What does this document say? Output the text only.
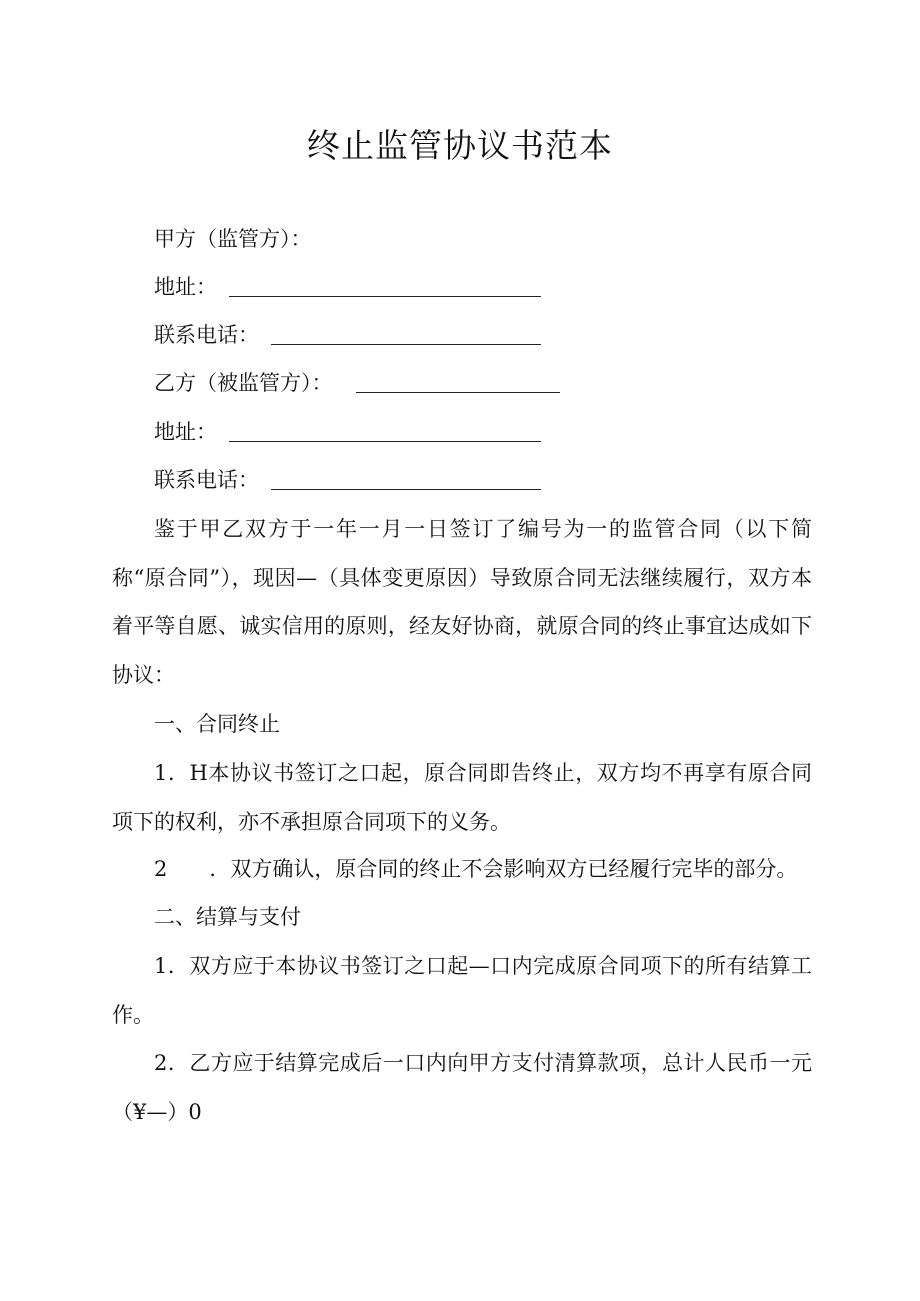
终止监管协议书范本
甲方（监管方）：
地址：
联系电话：
乙方（被监管方）：
地址：
联系电话：
鉴于甲乙双方于一年一月一日签订了编号为一的监管合同（以下简称“原合同”），现因—（具体变更原因）导致原合同无法继续履行，双方本着平等自愿、诚实信用的原则，经友好协商，就原合同的终止事宜达成如下协议：
一、合同终止
1．H本协议书签订之口起，原合同即告终止，双方均不再享有原合同项下的权利，亦不承担原合同项下的义务。
2　　．双方确认，原合同的终止不会影响双方已经履行完毕的部分。
二、结算与支付
1．双方应于本协议书签订之口起—口内完成原合同项下的所有结算工作。
2．乙方应于结算完成后一口内向甲方支付清算款项，总计人民币一元（¥—）0
